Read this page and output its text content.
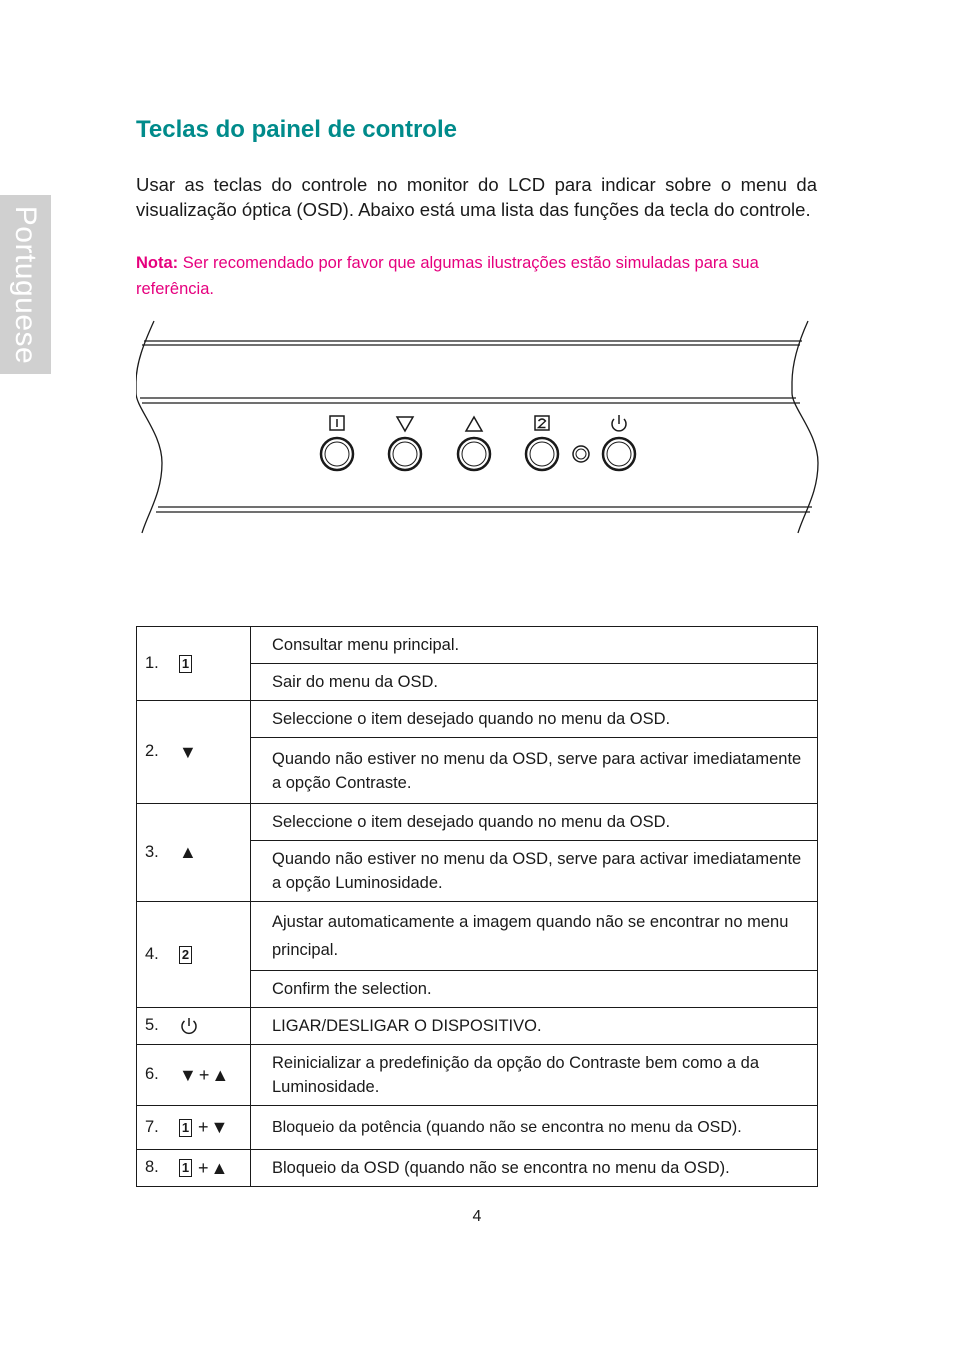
Portuguese
Teclas do painel de controle

Usar as teclas do controle no monitor do LCD para indicar sobre o menu da visualização óptica (OSD). Abaixo está uma lista das funções da tecla do controle.

Nota: Ser recomendado por favor que algumas ilustrações estão simuladas para sua referência.

1. 1	Consultar menu principal.
	Sair do menu da OSD.
2. ▼	Seleccione o item desejado quando no menu da OSD.
	Quando não estiver no menu da OSD, serve para activar imediatamente a opção Contraste.
3. ▲	Seleccione o item desejado quando no menu da OSD.
	Quando não estiver no menu da OSD, serve para activar imediatamente a opção Luminosidade.
4. 2	Ajustar automaticamente a imagem quando não se encontrar no menu principal.
	Confirm the selection.
5.	LIGAR/DESLIGAR O DISPOSITIVO.
6. ▼ + ▲	Reinicializar a predefinição da opção do Contraste bem como a da Luminosidade.
7. 1 + ▼	Bloqueio da potência (quando não se encontra no menu da OSD).
8. 1 + ▲	Bloqueio da OSD (quando não se encontra no menu da OSD).
4
